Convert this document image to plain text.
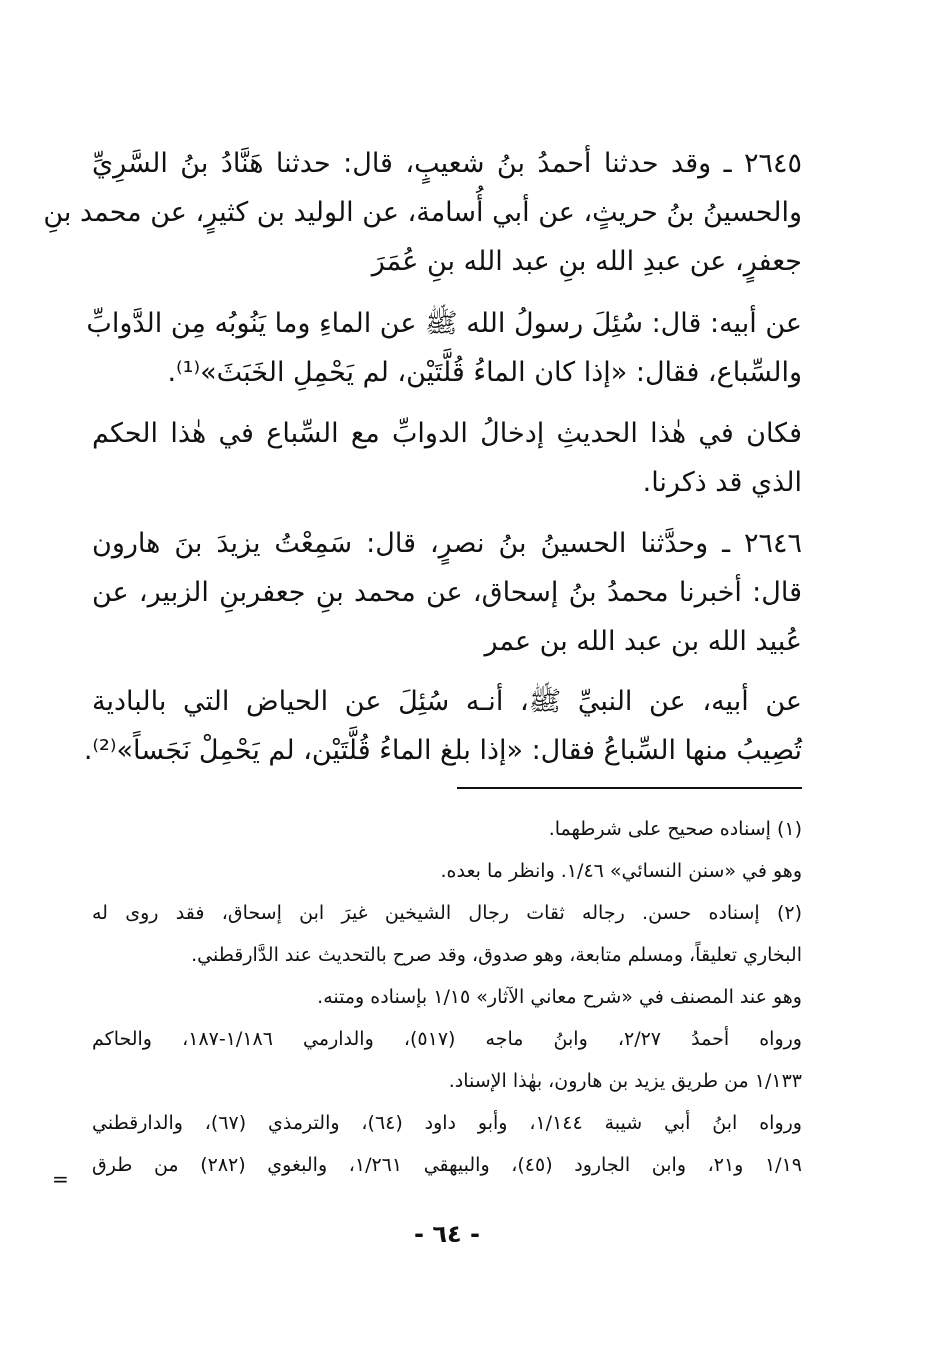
٢٦٤٥ ـ وقد حدثنا أحمدُ بنُ شعيبٍ، قال: حدثنا هَنَّادُ بنُ السَّرِيِّ
والحسينُ بنُ حريثٍ، عن أبي أُسامة، عن الوليد بن كثيرٍ، عن محمد بنِ
جعفرٍ، عن عبدِ الله بنِ عبد الله بنِ عُمَرَ
عن أبيه: قال: سُئِلَ رسولُ الله ﷺ عن الماءِ وما يَنُوبُه مِن الدَّوابِّ
والسِّباع، فقال: «إذا كان الماءُ قُلَّتَيْن، لم يَحْمِلِ الخَبَثَ»⁽¹⁾.
فكان في هٰذا الحديثِ إدخالُ الدوابِّ مع السِّباع في هٰذا الحكم
الذي قد ذكرنا.
٢٦٤٦ ـ وحدَّثنا الحسينُ بنُ نصرٍ، قال: سَمِعْتُ يزيدَ بنَ هارون
قال: أخبرنا محمدُ بنُ إسحاق، عن محمد بنِ جعفربنِ الزبير، عن
عُبيد الله بن عبد الله بن عمر
عن أبيه، عن النبيِّ ﷺ، أنـه سُئِلَ عن الحياض التي بالبادية
تُصِيبُ منها السِّباعُ فقال: «إذا بلغ الماءُ قُلَّتَيْن، لم يَحْمِلْ نَجَساً»⁽²⁾.
(١) إسناده صحيح على شرطهما.
وهو في «سنن النسائي» ١/٤٦. وانظر ما بعده.
(٢) إسناده حسن. رجاله ثقات رجال الشيخين غيرَ ابن إسحاق، فقد روى له
البخاري تعليقاً، ومسلم متابعة، وهو صدوق، وقد صرح بالتحديث عند الدَّارقطني.
وهو عند المصنف في «شرح معاني الآثار» ١/١٥ بإسناده ومتنه.
ورواه أحمدُ ٢/٢٧، وابنُ ماجه (٥١٧)، والدارمي ١/١٨٦-١٨٧، والحاكم
١/١٣٣ من طريق يزيد بن هارون، بهٰذا الإسناد.
ورواه ابنُ أبي شيبة ١/١٤٤، وأبو داود (٦٤)، والترمذي (٦٧)، والدارقطني
١/١٩ و٢١، وابن الجارود (٤٥)، والبيهقي ١/٢٦١، والبغوي (٢٨٢) من طرق
=
- ٦٤ -
